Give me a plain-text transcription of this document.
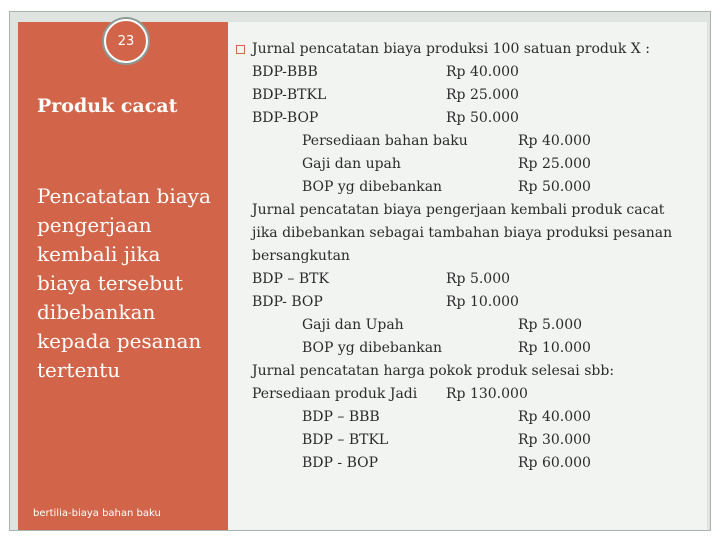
23
Produk cacat
Pencatatan biaya pengerjaan kembali jika biaya tersebut dibebankan kepada pesanan tertentu
bertilia-biaya bahan baku
Jurnal pencatatan biaya produksi 100 satuan produk X :
BDP-BBB	Rp 40.000
BDP-BTKL	Rp 25.000
BDP-BOP	Rp 50.000
Persediaan bahan baku	Rp 40.000
Gaji dan upah	Rp 25.000
BOP yg dibebankan	Rp 50.000
Jurnal pencatatan biaya pengerjaan kembali produk cacat
jika dibebankan sebagai tambahan biaya produksi pesanan
bersangkutan
BDP – BTK	Rp 5.000
BDP- BOP	Rp 10.000
Gaji dan Upah	Rp 5.000
BOP yg dibebankan	Rp 10.000
Jurnal pencatatan harga pokok produk selesai sbb:
Persediaan produk Jadi Rp 130.000
BDP – BBB	Rp 40.000
BDP – BTKL	Rp 30.000
BDP - BOP	Rp 60.000
